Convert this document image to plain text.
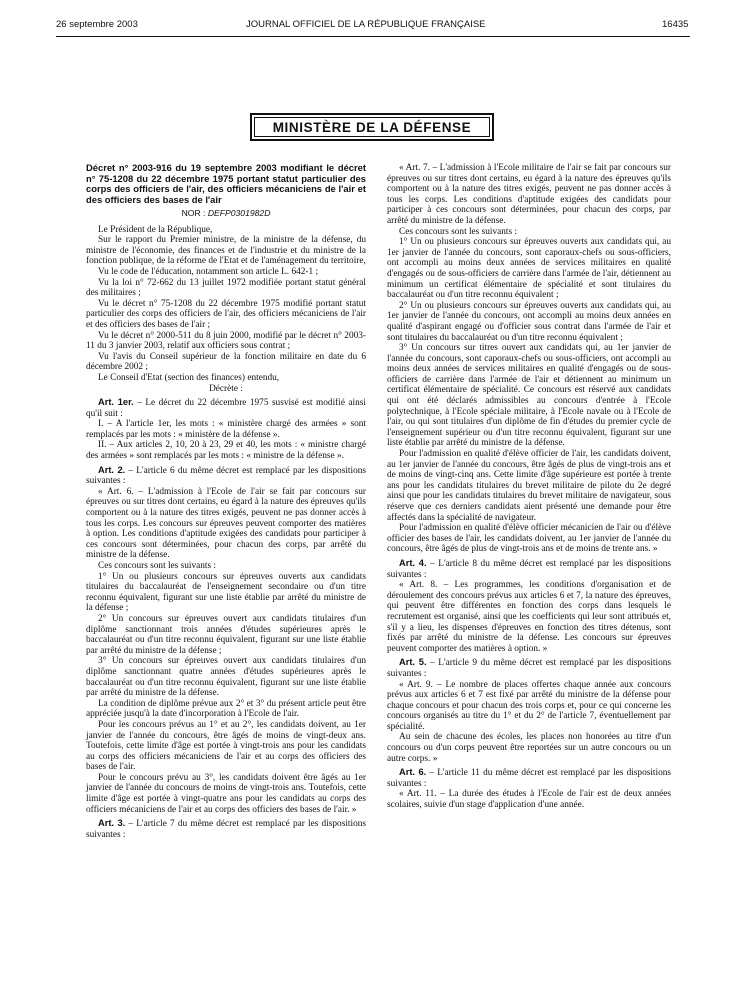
26 septembre 2003	JOURNAL OFFICIEL DE LA RÉPUBLIQUE FRANÇAISE	16435
MINISTÈRE DE LA DÉFENSE
Décret n° 2003-916 du 19 septembre 2003 modifiant le décret n° 75-1208 du 22 décembre 1975 portant statut particulier des corps des officiers de l'air, des officiers mécaniciens de l'air et des officiers des bases de l'air
NOR : DEFP0301982D

Le Président de la République,

Sur le rapport du Premier ministre, de la ministre de la défense, du ministre de l'économie, des finances et de l'industrie et du ministre de la fonction publique, de la réforme de l'Etat et de l'aménagement du territoire,

Vu le code de l'éducation, notamment son article L. 642-1 ;

Vu la loi n° 72-662 du 13 juillet 1972 modifiée portant statut général des militaires ;

Vu le décret n° 75-1208 du 22 décembre 1975 modifié portant statut particulier des corps des officiers de l'air, des officiers mécaniciens de l'air et des officiers des bases de l'air ;

Vu le décret n° 2000-511 du 8 juin 2000, modifié par le décret n° 2003-11 du 3 janvier 2003, relatif aux officiers sous contrat ;

Vu l'avis du Conseil supérieur de la fonction militaire en date du 6 décembre 2002 ;

Le Conseil d'Etat (section des finances) entendu,

Décrète :

Art. 1er. – Le décret du 22 décembre 1975 susvisé est modifié ainsi qu'il suit :

I. – A l'article 1er, les mots : « ministère chargé des armées » sont remplacés par les mots : « ministère de la défense ».

II. – Aux articles 2, 10, 20 à 23, 29 et 40, les mots : « ministre chargé des armées » sont remplacés par les mots : « ministre de la défense ».

Art. 2. – L'article 6 du même décret est remplacé par les dispositions suivantes :

« Art. 6. – L'admission à l'Ecole de l'air se fait par concours sur épreuves ou sur titres dont certains, eu égard à la nature des épreuves qu'ils comportent ou à la nature des titres exigés, peuvent ne pas donner accès à tous les corps. Les concours sur épreuves peuvent comporter des matières à option. Les conditions d'aptitude exigées des candidats pour participer à ces concours sont déterminées, pour chacun des corps, par arrêté du ministre de la défense.

Ces concours sont les suivants :

1° Un ou plusieurs concours sur épreuves ouverts aux candidats titulaires du baccalauréat de l'enseignement secondaire ou d'un titre reconnu équivalent, figurant sur une liste établie par arrêté du ministre de la défense ;

2° Un concours sur épreuves ouvert aux candidats titulaires d'un diplôme sanctionnant trois années d'études supérieures après le baccalauréat ou d'un titre reconnu équivalent, figurant sur une liste établie par arrêté du ministre de la défense ;

3° Un concours sur épreuves ouvert aux candidats titulaires d'un diplôme sanctionnant quatre années d'études supérieures après le baccalauréat ou d'un titre reconnu équivalent, figurant sur une liste établie par arrêté du ministre de la défense.

La condition de diplôme prévue aux 2° et 3° du présent article peut être appréciée jusqu'à la date d'incorporation à l'Ecole de l'air.

Pour les concours prévus au 1° et au 2°, les candidats doivent, au 1er janvier de l'année du concours, être âgés de moins de vingt-deux ans. Toutefois, cette limite d'âge est portée à vingt-trois ans pour les candidats au corps des officiers mécaniciens de l'air et au corps des officiers des bases de l'air.

Pour le concours prévu au 3°, les candidats doivent être âgés au 1er janvier de l'année du concours de moins de vingt-trois ans. Toutefois, cette limite d'âge est portée à vingt-quatre ans pour les candidats au corps des officiers mécaniciens de l'air et au corps des officiers des bases de l'air. »

Art. 3. – L'article 7 du même décret est remplacé par les dispositions suivantes :

« Art. 7. – L'admission à l'Ecole militaire de l'air se fait par concours sur épreuves ou sur titres dont certains, eu égard à la nature des épreuves qu'ils comportent ou à la nature des titres exigés, peuvent ne pas donner accès à tous les corps. Les conditions d'aptitude exigées des candidats pour participer à ces concours sont déterminées, pour chacun des corps, par arrêté du ministre de la défense.

Ces concours sont les suivants :

1° Un ou plusieurs concours sur épreuves ouverts aux candidats qui, au 1er janvier de l'année du concours, sont caporaux-chefs ou sous-officiers, ont accompli au moins deux années de services militaires en qualité d'engagés ou de sous-officiers de carrière dans l'armée de l'air, détiennent au minimum un certificat élémentaire de spécialité et sont titulaires du baccalauréat ou d'un titre reconnu équivalent ;

2° Un ou plusieurs concours sur épreuves ouverts aux candidats qui, au 1er janvier de l'année du concours, ont accompli au moins deux années en qualité d'aspirant engagé ou d'officier sous contrat dans l'armée de l'air et sont titulaires du baccalauréat ou d'un titre reconnu équivalent ;

3° Un concours sur titres ouvert aux candidats qui, au 1er janvier de l'année du concours, sont caporaux-chefs ou sous-officiers, ont accompli au moins deux années de services militaires en qualité d'engagés ou de sous-officiers de carrière dans l'armée de l'air et détiennent au minimum un certificat élémentaire de spécialité. Ce concours est réservé aux candidats qui ont été déclarés admissibles au concours d'entrée à l'Ecole polytechnique, à l'Ecole spéciale militaire, à l'Ecole navale ou à l'Ecole de l'air, ou qui sont titulaires d'un diplôme de fin d'études du premier cycle de l'enseignement supérieur ou d'un titre reconnu équivalent, figurant sur une liste établie par arrêté du ministre de la défense.

Pour l'admission en qualité d'élève officier de l'air, les candidats doivent, au 1er janvier de l'année du concours, être âgés de plus de vingt-trois ans et de moins de vingt-cinq ans. Cette limite d'âge supérieure est portée à trente ans pour les candidats titulaires du brevet militaire de pilote du 2e degré ainsi que pour les candidats titulaires du brevet militaire de navigateur, sous réserve que ces derniers candidats aient présenté une demande pour être affectés dans la spécialité de navigateur.

Pour l'admission en qualité d'élève officier mécanicien de l'air ou d'élève officier des bases de l'air, les candidats doivent, au 1er janvier de l'année du concours, être âgés de plus de vingt-trois ans et de moins de trente ans. »

Art. 4. – L'article 8 du même décret est remplacé par les dispositions suivantes :

« Art. 8. – Les programmes, les conditions d'organisation et de déroulement des concours prévus aux articles 6 et 7, la nature des épreuves, qui peuvent être différentes en fonction des corps dans lesquels le recrutement est organisé, ainsi que les coefficients qui leur sont attribués et, s'il y a lieu, les dispenses d'épreuves en fonction des titres détenus, sont fixés par arrêté du ministre de la défense. Les concours sur épreuves peuvent comporter des matières à option. »

Art. 5. – L'article 9 du même décret est remplacé par les dispositions suivantes :

« Art. 9. – Le nombre de places offertes chaque année aux concours prévus aux articles 6 et 7 est fixé par arrêté du ministre de la défense pour chaque concours et pour chacun des trois corps et, pour ce qui concerne les concours organisés au titre du 1° et du 2° de l'article 7, éventuellement par spécialité.

Au sein de chacune des écoles, les places non honorées au titre d'un concours ou d'un corps peuvent être reportées sur un autre concours ou un autre corps. »

Art. 6. – L'article 11 du même décret est remplacé par les dispositions suivantes :

« Art. 11. – La durée des études à l'Ecole de l'air est de deux années scolaires, suivie d'un stage d'application d'une année.
